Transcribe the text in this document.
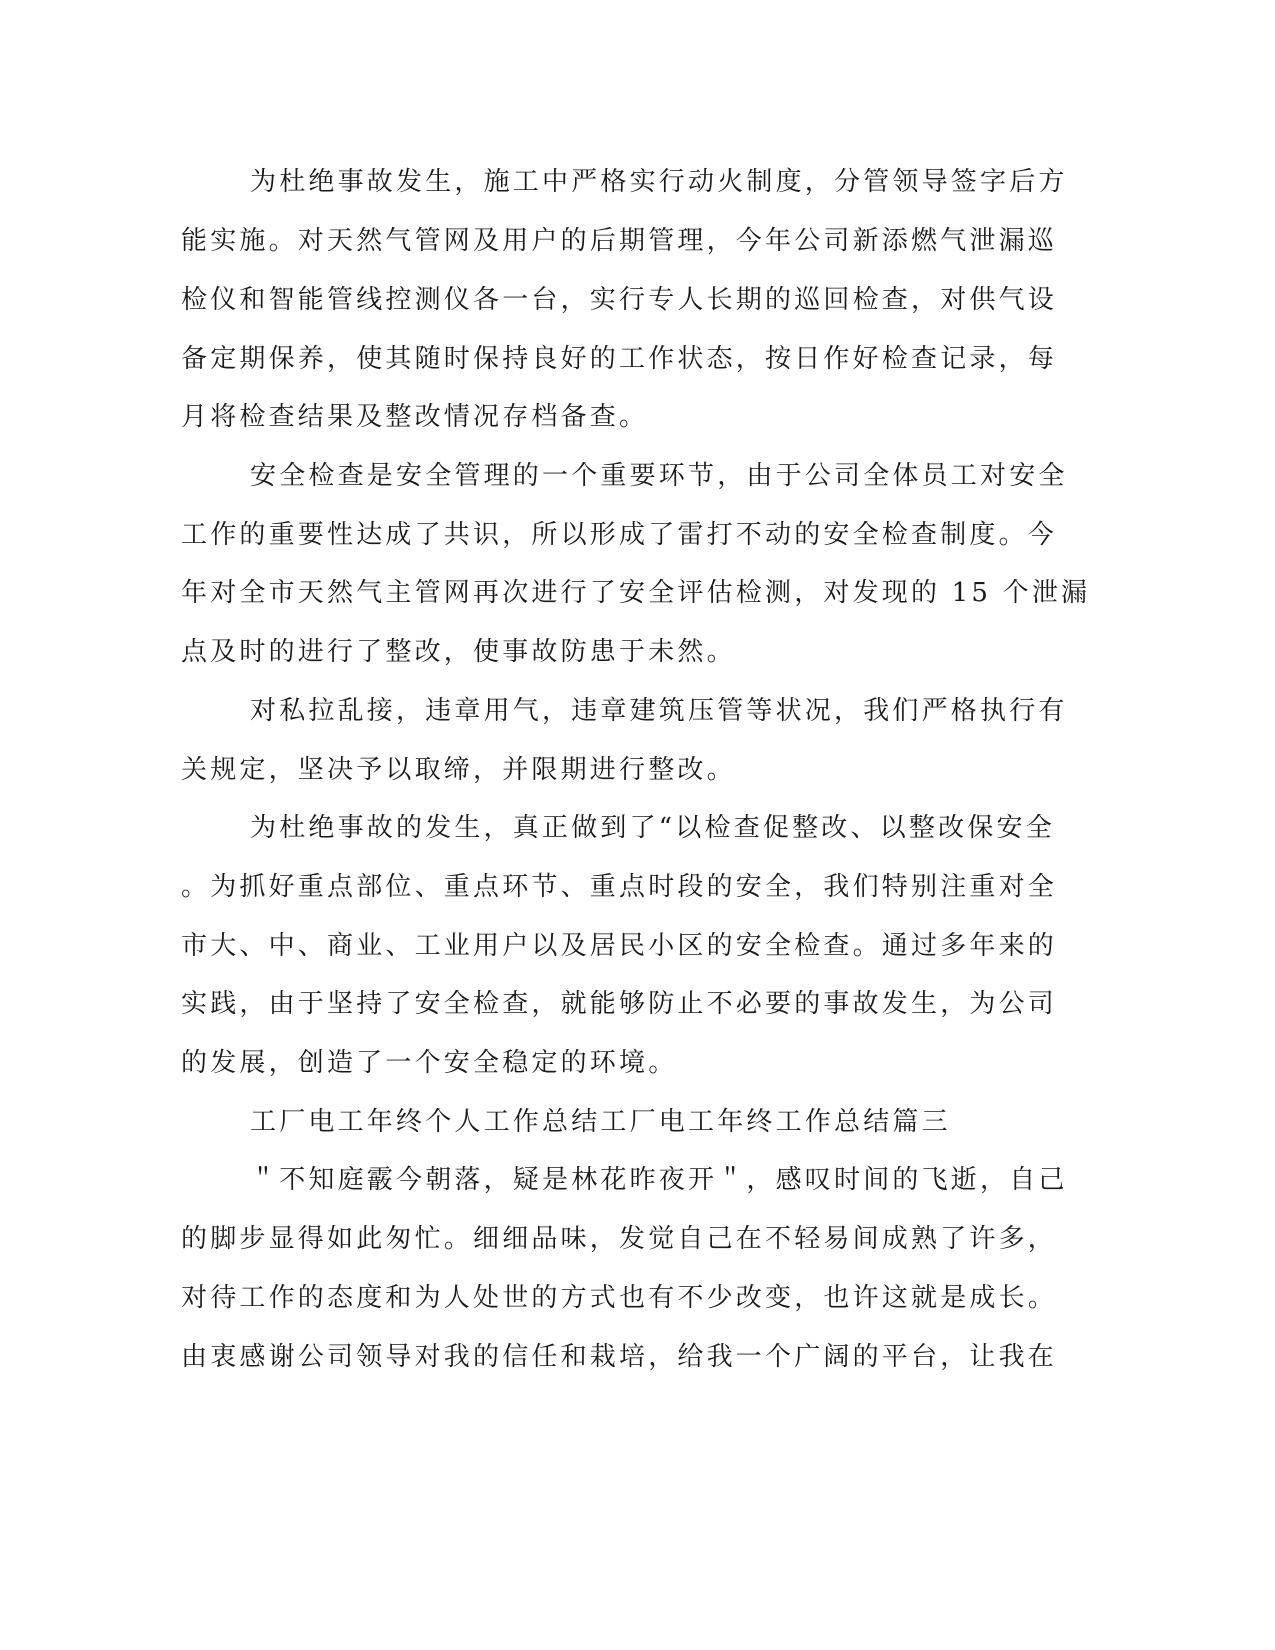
为杜绝事故发生，施工中严格实行动火制度，分管领导签字后方
能实施。对天然气管网及用户的后期管理，今年公司新添燃气泄漏巡
检仪和智能管线控测仪各一台，实行专人长期的巡回检查，对供气设
备定期保养，使其随时保持良好的工作状态，按日作好检查记录，每
月将检查结果及整改情况存档备查。
安全检查是安全管理的一个重要环节，由于公司全体员工对安全
工作的重要性达成了共识，所以形成了雷打不动的安全检查制度。今
年对全市天然气主管网再次进行了安全评估检测，对发现的 15 个泄漏
点及时的进行了整改，使事故防患于未然。
对私拉乱接，违章用气，违章建筑压管等状况，我们严格执行有
关规定，坚决予以取缔，并限期进行整改。
为杜绝事故的发生，真正做到了“以检查促整改、以整改保安全
。为抓好重点部位、重点环节、重点时段的安全，我们特别注重对全
市大、中、商业、工业用户以及居民小区的安全检查。通过多年来的
实践，由于坚持了安全检查，就能够防止不必要的事故发生，为公司
的发展，创造了一个安全稳定的环境。
工厂电工年终个人工作总结工厂电工年终工作总结篇三
＂不知庭霰今朝落，疑是林花昨夜开＂，感叹时间的飞逝，自己
的脚步显得如此匆忙。细细品味，发觉自己在不轻易间成熟了许多，
对待工作的态度和为人处世的方式也有不少改变，也许这就是成长。
由衷感谢公司领导对我的信任和栽培，给我一个广阔的平台，让我在
